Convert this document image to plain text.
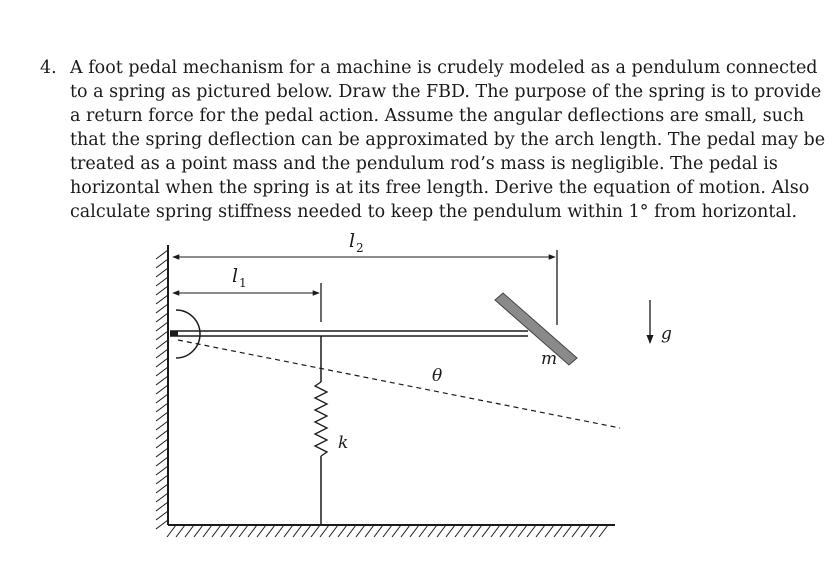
4. A foot pedal mechanism for a machine is crudely modeled as a pendulum connected
to a spring as pictured below. Draw the FBD. The purpose of the spring is to provide
a return force for the pedal action. Assume the angular deflections are small, such
that the spring deflection can be approximated by the arch length. The pedal may be
treated as a point mass and the pendulum rod’s mass is negligible. The pedal is
horizontal when the spring is at its free length. Derive the equation of motion. Also
calculate spring stiffness needed to keep the pendulum within 1° from horizontal.
l 2
l 1
θ
m
k
g
